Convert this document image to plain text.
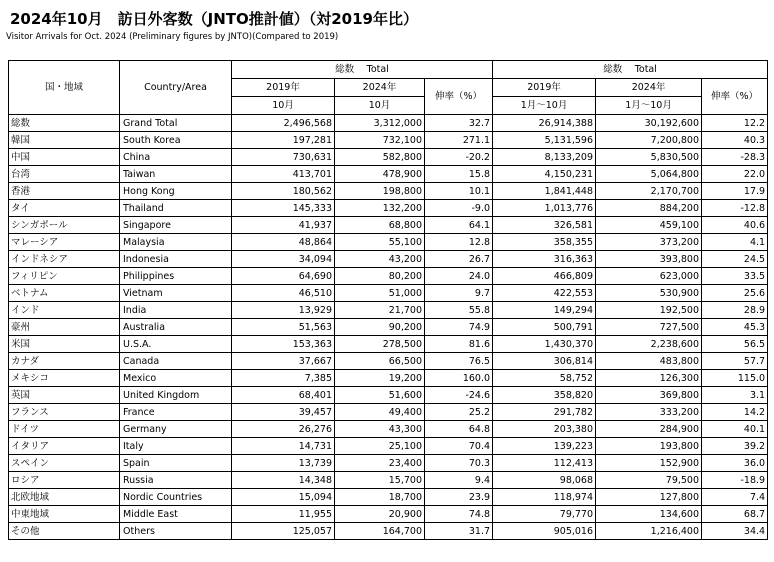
2024年10月　訪日外客数（JNTO推計値）（対2019年比）
Visitor Arrivals for Oct. 2024 (Preliminary figures by JNTO)(Compared to 2019)
国・地域	Country/Area	総数　 Total			総数　 Total		
		2019年	2024年	伸率（%）	2019年	2024年	伸率（%）
		10月	10月		1月～10月	1月～10月	
総数	Grand Total	2,496,568	3,312,000	32.7	26,914,388	30,192,600	12.2
韓国	South Korea	197,281	732,100	271.1	5,131,596	7,200,800	40.3
中国	China	730,631	582,800	-20.2	8,133,209	5,830,500	-28.3
台湾	Taiwan	413,701	478,900	15.8	4,150,231	5,064,800	22.0
香港	Hong Kong	180,562	198,800	10.1	1,841,448	2,170,700	17.9
タイ	Thailand	145,333	132,200	-9.0	1,013,776	884,200	-12.8
シンガポール	Singapore	41,937	68,800	64.1	326,581	459,100	40.6
マレーシア	Malaysia	48,864	55,100	12.8	358,355	373,200	4.1
インドネシア	Indonesia	34,094	43,200	26.7	316,363	393,800	24.5
フィリピン	Philippines	64,690	80,200	24.0	466,809	623,000	33.5
ベトナム	Vietnam	46,510	51,000	9.7	422,553	530,900	25.6
インド	India	13,929	21,700	55.8	149,294	192,500	28.9
豪州	Australia	51,563	90,200	74.9	500,791	727,500	45.3
米国	U.S.A.	153,363	278,500	81.6	1,430,370	2,238,600	56.5
カナダ	Canada	37,667	66,500	76.5	306,814	483,800	57.7
メキシコ	Mexico	7,385	19,200	160.0	58,752	126,300	115.0
英国	United Kingdom	68,401	51,600	-24.6	358,820	369,800	3.1
フランス	France	39,457	49,400	25.2	291,782	333,200	14.2
ドイツ	Germany	26,276	43,300	64.8	203,380	284,900	40.1
イタリア	Italy	14,731	25,100	70.4	139,223	193,800	39.2
スペイン	Spain	13,739	23,400	70.3	112,413	152,900	36.0
ロシア	Russia	14,348	15,700	9.4	98,068	79,500	-18.9
北欧地域	Nordic Countries	15,094	18,700	23.9	118,974	127,800	7.4
中東地域	Middle East	11,955	20,900	74.8	79,770	134,600	68.7
その他	Others	125,057	164,700	31.7	905,016	1,216,400	34.4
